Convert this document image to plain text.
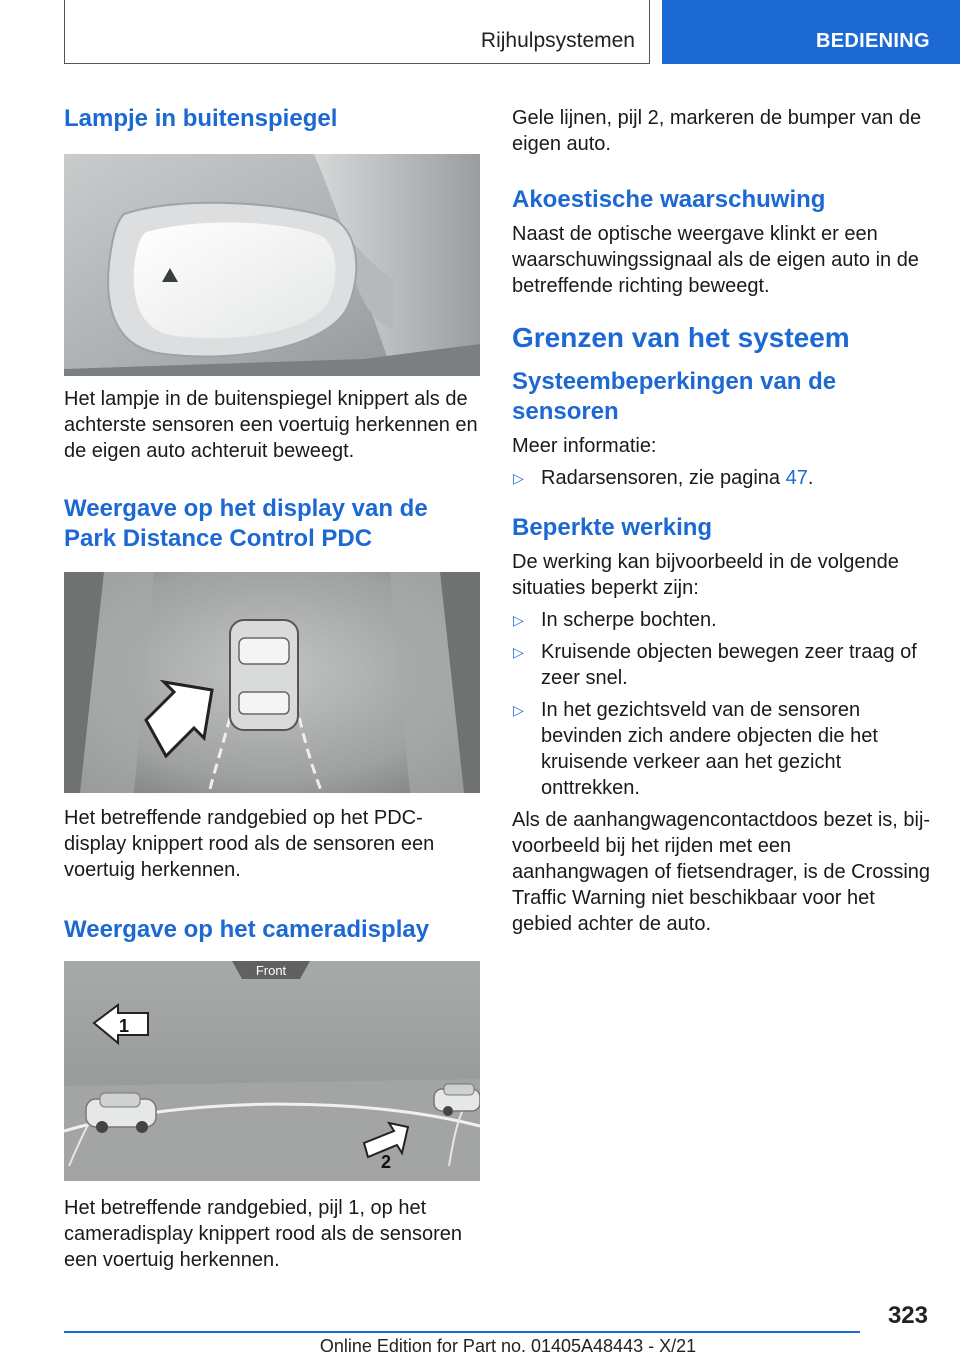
Rijhulpsystemen	BEDIENING
Lampje in buitenspiegel

Het lampje in de buitenspiegel knippert als de achterste sensoren een voertuig herkennen en de eigen auto achteruit beweegt.

Weergave op het display van de Park Distance Control PDC

Het betreffende randgebied op het PDC-display knippert rood als de sensoren een voertuig herkennen.

Weergave op het cameradisplay
Front
1
2

Het betreffende randgebied, pijl 1, op het cameradisplay knippert rood als de sensoren een voertuig herkennen.

Gele lijnen, pijl 2, markeren de bumper van de eigen auto.

Akoestische waarschuwing

Naast de optische weergave klinkt er een waarschuwingssignaal als de eigen auto in de betreffende richting beweegt.

Grenzen van het systeem
Systeembeperkingen van de sensoren

Meer informatie:

▷ Radarsensoren, zie pagina 47.
Beperkte werking

De werking kan bijvoorbeeld in de volgende situaties beperkt zijn:

▷ In scherpe bochten.
▷ Kruisende objecten bewegen zeer traag of zeer snel.
▷ In het gezichtsveld van de sensoren bevinden zich andere objecten die het kruisende verkeer aan het gezicht onttrekken.

Als de aanhangwagencontactdoos bezet is, bijvoorbeeld bij het rijden met een aanhangwagen of fietsendrager, is de Crossing Traffic Warning niet beschikbaar voor het gebied achter de auto.

323
Online Edition for Part no. 01405A48443 - X/21
